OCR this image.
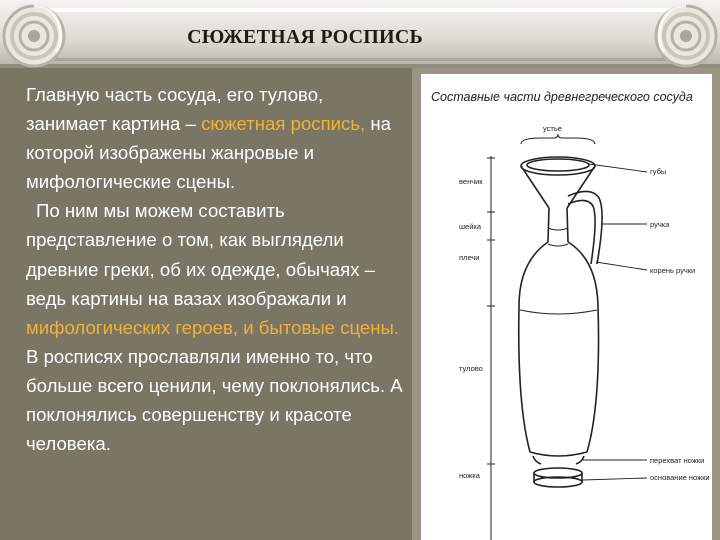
СЮЖЕТНАЯ РОСПИСЬ

Главную часть сосуда, его тулово, занимает картина – сюжетная роспись, на которой изображены жанровые и мифологические сцены.

По ним мы можем составить представление о том, как выглядели древние греки, об их одежде, обычаях – ведь картины на вазах изображали и мифологических героев, и бытовые сцены. В росписях прославляли именно то, что больше всего ценили, чему поклонялись. А поклонялись совершенству и красоте человека.

Составные части древнегреческого сосуда
устье
губы
венчик
шейка	ручка
плечи
корень ручки
тулово
перехват ножки
основание ножки
ножка
